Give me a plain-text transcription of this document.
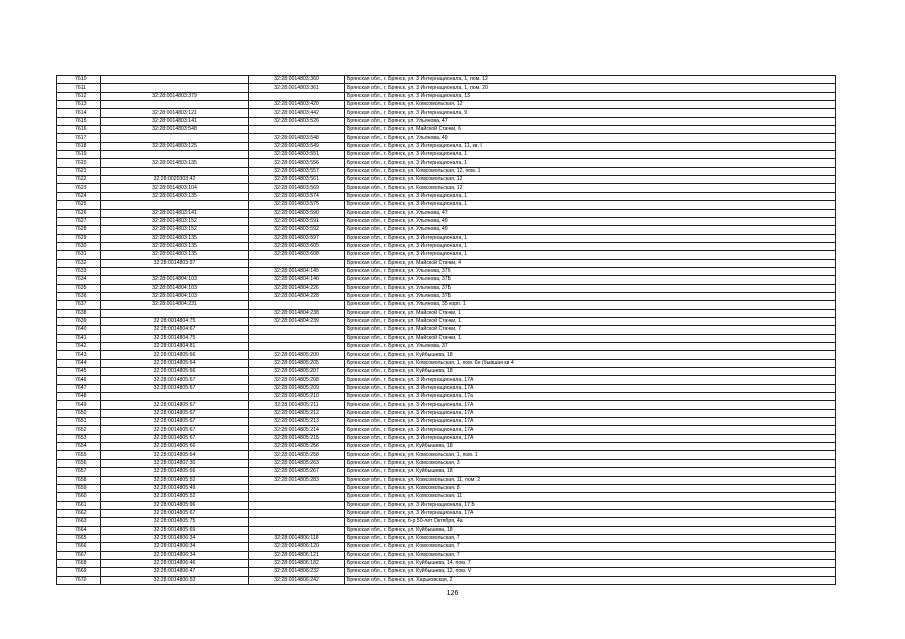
7610		32:28:0014803:360	Брянская обл., г. Брянск, ул. 3 Интернационала, 1, пом. 12
7611		32:28:0014803:361	Брянская обл., г. Брянск, ул. 3 Интернационала, 1, пом. 20
7612	32:28:0014803:379		Брянская обл., г. Брянск, ул. 3 Интернационала, 13
7613		32:28:0014803:420	Брянская обл., г. Брянск, ул. Комсомольская, 12
7614	32:28:0014803:121	32:28:0014803:442	Брянская обл., г. Брянск, ул. 3 Интернационала, 9
7615	32:28:0014803:141	32:28:0014803:526	Брянская обл., г. Брянск, ул. Ульянова, 47
7616	32:28:0014803:548		Брянская обл., г. Брянск, ул. Майской Стачки, 6
7617		32:28:0014803:548	Брянская обл., г. Брянск, ул. Ульянова, 49
7618	32:28:0014803:125	32:28:0014803:549	Брянская обл., г. Брянск, ул. 3 Интернационала, 11, кв. I
7619		32:28:0014803:551	Брянская обл., г. Брянск, ул. 3 Интернационала, 1
7620	32:28:0014803:135	32:28:0014803:556	Брянская обл., г. Брянск, ул. 3 Интернационала, 1
7621		32:28:0014803:557	Брянская обл., г. Брянск, ул. Комсомольская, 12, пом. 1
7622	32:28:0020303:42	32:28:0014803:561	Брянская обл., г. Брянск, ул. Комсомольская, 12
7623	32:28:0014803:104	32:28:0014803:569	Брянская обл., г. Брянск, ул. Комсомольская, 12
7624	32:28:0014803:135	32:28:0014803:574	Брянская обл., г. Брянск, ул. 3 Интернационала, 1
7625		32:28:0014803:575	Брянская обл., г. Брянск, ул. 3 Интернационала, 1
7626	32:28:0014803:141	32:28:0014803:590	Брянская обл., г. Брянск, ул. Ульянова, 47
7627	32:28:0014803:152	32:28:0014803:591	Брянская обл., г. Брянск, ул. Ульянова, 49
7628	32:28:0014803:152	32:28:0014803:592	Брянская обл., г. Брянск, ул. Ульянова, 49
7629	32:28:0014803:135	32:28:0014803:597	Брянская обл., г. Брянск, ул. 3 Интернационала, 1
7630	32:28:0014803:135	32:28:0014803:605	Брянская обл., г. Брянск, ул. 3 Интернационала, 1
7631	32:28:0014803:135	32:28:0014803:608	Брянская обл., г. Брянск, ул. 3 Интернационала, 1
7632	32:28:0014803:97		Брянская обл., г. Брянск, ул. Майской Стачки, 4
7633		32:28:0014804:145	Брянская обл., г. Брянск, ул. Ульянова, 37б
7634	32:28:0014804:103	32:28:0014804:146	Брянская обл., г. Брянск, ул. Ульянова, 37Б
7635	32:28:0014804:103	32:28:0014804:226	Брянская обл., г. Брянск, ул. Ульянова, 37Б
7636	32:28:0014804:103	32:28:0014804:228	Брянская обл., г. Брянск, ул. Ульянова, 37Б
7637	32:28:0014804:231		Брянская обл., г. Брянск, ул. Ульянова, 35 корп. 1
7638		32:28:0014804:238	Брянская обл., г. Брянск, ул. Майской Стачки, 1
7639	32:28:0014804:75	32:28:0014804:239	Брянская обл., г. Брянск, ул. Майской Стачки, 1
7640	32:28:0014804:67		Брянская обл., г. Брянск, ул. Майской Стачки, 7
7641	32:28:0014804:75		Брянская обл., г. Брянск, ул. Майской Стачки, 1
7642	32:28:0014804:81		Брянская обл., г. Брянск, ул. Ульянова, 37
7643	32:28:0014805:66	32:28:0014805:200	Брянская обл., г. Брянск, ул. Куйбышева, 18
7644	32:28:0014805:64	32:28:0014805:205	Брянская обл., г. Брянск, ул. Комсомольская, 1, пом. 6н (бывшая кв 4
7645	32:28:0014805:66	32:28:0014805:207	Брянская обл., г. Брянск, ул. Куйбышева, 18
7646	32:28:0014805:67	32:28:0014805:208	Брянская обл., г. Брянск, ул. 3 Интернационала, 17А
7647	32:28:0014805:67	32:28:0014805:209	Брянская обл., г. Брянск, ул. 3 Интернационала, 17А
7648		32:28:0014805:210	Брянская обл., г. Брянск, ул. 3 Интернационала, 17а
7649	32:28:0014805:67	32:28:0014805:211	Брянская обл., г. Брянск, ул. 3 Интернационала, 17А
7650	32:28:0014805:67	32:28:0014805:212	Брянская обл., г. Брянск, ул. 3 Интернационала, 17А
7651	32:28:0014805:67	32:28:0014805:213	Брянская обл., г. Брянск, ул. 3 Интернационала, 17А
7652	32:28:0014805:67	32:28:0014805:214	Брянская обл., г. Брянск, ул. 3 Интернационала, 17А
7653	32:28:0014805:67	32:28:0014805:215	Брянская обл., г. Брянск, ул. 3 Интернационала, 17А
7654	32:28:0014805:66	32:28:0014805:256	Брянская обл., г. Брянск, ул. Куйбышева, 18
7655	32:28:0014805:64	32:28:0014805:258	Брянская обл., г. Брянск, ул. Комсомольская, 1, пом. 1
7656	32:28:0014807:30	32:28:0014805:263	Брянская обл., г. Брянск, ул. Комсомольская, 3
7657	32:28:0014805:66	32:28:0014805:267	Брянская обл., г. Брянск, ул. Куйбышева, 18
7658	32:28:0014805:52	32:28:0014805:283	Брянская обл., г. Брянск, ул. Комсомольская, 11, пом. 2
7659	32:28:0014805:49		Брянская обл., г. Брянск, ул. Комсомольская, 8
7660	32:28:0014805:52		Брянская обл., г. Брянск, ул. Комсомольская, 11
7661	32:28:0014805:96		Брянская обл., г. Брянск, ул. 3 Интернационала, 17 Б
7662	32:28:0014805:67		Брянская обл., г. Брянск, ул. 3 Интернационала, 17А
7663	32:28:0014805:75		Брянская обл., г. Брянск, б-р 50-лет Октября, 4а
7664	32:28:0014805:69		Брянская обл., г. Брянск, ул. Куйбышева, 18
7665	32:28:0014806:34	32:28:0014806:118	Брянская обл., г. Брянск, ул. Комсомольская, 7
7666	32:28:0014806:34	32:28:0014806:120	Брянская обл., г. Брянск, ул. Комсомольская, 7
7667	32:28:0014806:34	32:28:0014806:121	Брянская обл., г. Брянск, ул. Комсомольская, 7
7668	32:28:0014806:46	32:28:0014806:182	Брянская обл., г. Брянск, ул. Куйбышева, 14, пом. 7
7669	32:28:0014806:47	32:28:0014806:232	Брянская обл., г. Брянск, ул. Куйбышева, 12, пом. V
7670	32:28:0014806:53	32:28:0014806:242	Брянская обл., г. Брянск, ул. Харьковская, 2
126
